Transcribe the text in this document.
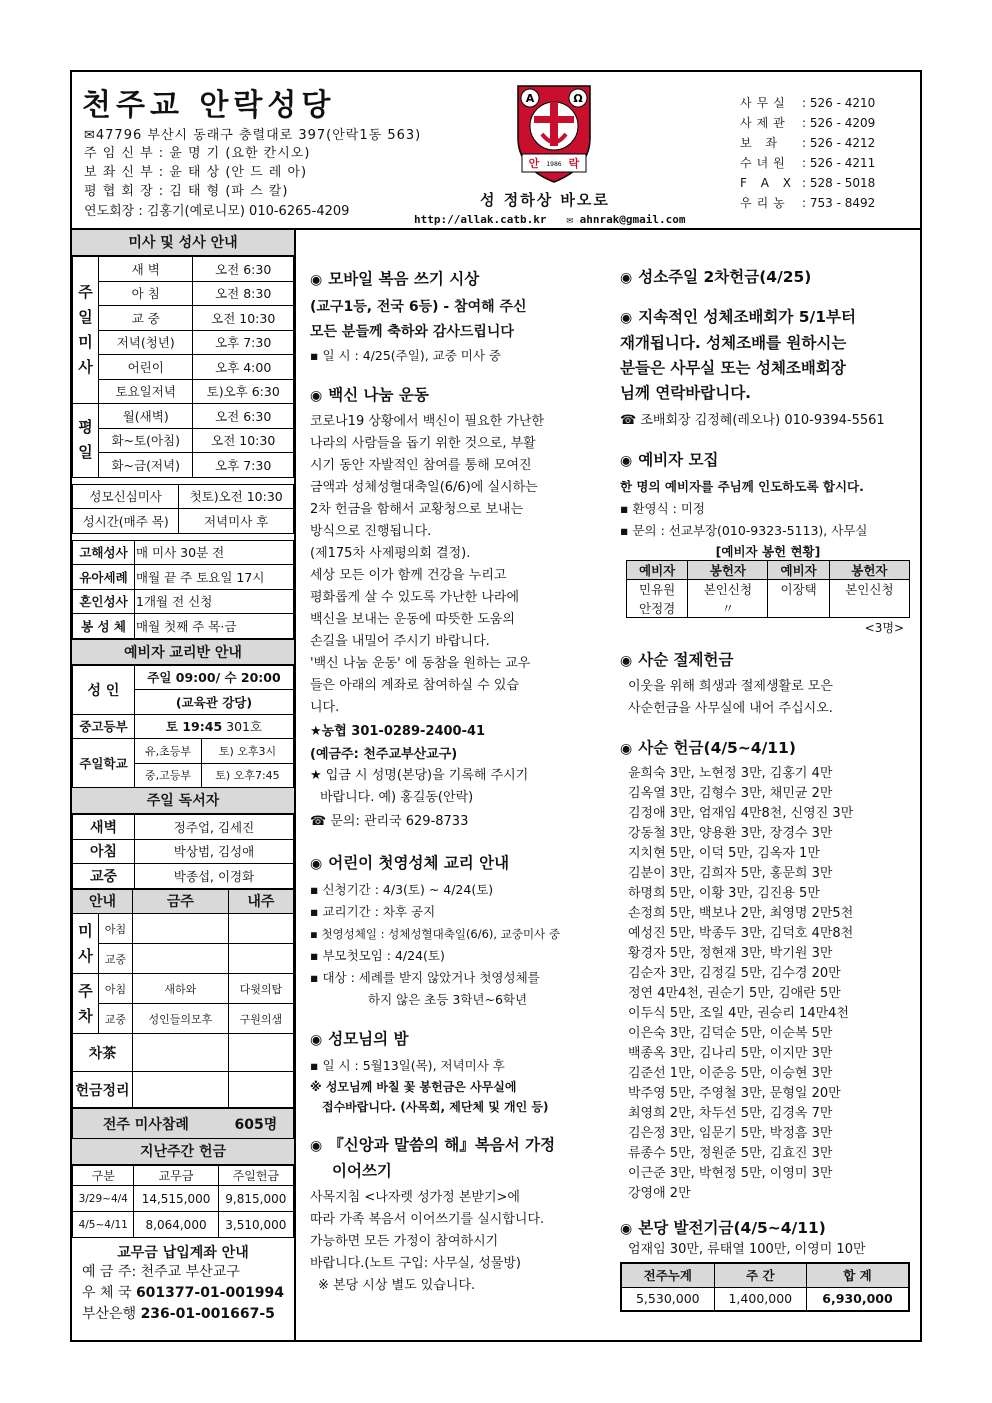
천주교 안락성당
✉47796 부산시 동래구 충렬대로 397(안락1동 563)
주 임 신 부 : 윤 명 기 (요한 칸시오)
보 좌 신 부 : 윤 태 상 (안 드 레 아)
평 협 회 장 : 김 태 형 (파 스 칼)
연도회장 : 김홍기(예로니모) 010-6265-4209
A	Ω
안 1986 락
성 정하상 바오로
http://allak.catb.kr ✉ ahnrak@gmail.com
사무실	: 526 - 4210
사제관	: 526 - 4209
보 좌	: 526 - 4212
수녀원	: 526 - 4211
F A X : 528 - 5018
우리농	: 753 - 8492
미사 및 성사 안내
주
일
미
사	새 벽	오전 6:30
	아 침	오전 8:30
	교 중	오전 10:30
	저녁(청년)	오후 7:30
	어린이	오후 4:00
	토요일저녁	토)오후 6:30
평
일	월(새벽)	오전 6:30
	화~토(아침)	오전 10:30
	화~금(저녁)	오후 7:30
성모신심미사	첫토)오전 10:30
성시간(매주 목)	저녁미사 후
고해성사	매 미사 30분 전
유아세례	매월 끝 주 토요일 17시
혼인성사	1개월 전 신청
봉 성 체	매월 첫째 주 목·금
예비자 교리반 안내
성 인	주일 09:00/ 수 20:00	
	(교육관 강당)	
중고등부	토 19:45 301호	
주일학교	유,초등부	토) 오후3시
	중,고등부	토) 오후7:45
주일 독서자
새벽	정주업, 김세진
아침	박상범, 김성애
교중	박종섭, 이경화
안내		금주	내주
미
사	아침		
	교중		
주
차	아침	새하와	다윗의탑
	교중	성인들의모후	구원의샘
차茶			
헌금정리			
전주 미사참례	605명
지난주간 헌금
구분	교무금	주일헌금
3/29~4/4	14,515,000	9,815,000
4/5~4/11	8,064,000	3,510,000
교무금 납입계좌 안내
예 금 주: 천주교 부산교구
우 체 국 601377-01-001994
부산은행 236-01-001667-5
◉ 모바일 복음 쓰기 시상
(교구1등, 전국 6등) - 참여해 주신
모든 분들께 축하와 감사드립니다
▪ 일 시 : 4/25(주일), 교중 미사 중
◉ 백신 나눔 운동
코로나19 상황에서 백신이 필요한 가난한
나라의 사람들을 돕기 위한 것으로, 부활
시기 동안 자발적인 참여를 통해 모여진
금액과 성체성혈대축일(6/6)에 실시하는
2차 헌금을 함해서 교황청으로 보내는
방식으로 진행됩니다.
(제175차 사제평의회 결정).
세상 모든 이가 함께 건강을 누리고
평화롭게 살 수 있도록 가난한 나라에
백신을 보내는 운동에 따뜻한 도움의
손길을 내밀어 주시기 바랍니다.
'백신 나눔 운동' 에 동참을 원하는 교우
들은 아래의 계좌로 참여하실 수 있습
니다.
★농협 301-0289-2400-41
(예금주: 천주교부산교구)
★ 입금 시 성명(본당)을 기록해 주시기
바랍니다. 예) 홍길동(안락)
☎ 문의: 관리국 629-8733
◉ 어린이 첫영성체 교리 안내
▪ 신청기간 : 4/3(토) ~ 4/24(토)
▪ 교리기간 : 차후 공지
▪ 첫영성체일 : 성체성혈대축일(6/6), 교중미사 중
▪ 부모첫모임 : 4/24(토)
▪ 대상 : 세례를 받지 않았거나 첫영성체를
하지 않은 초등 3학년~6학년
◉ 성모님의 밤
▪ 일 시 : 5월13일(목), 저녁미사 후
※ 성모님께 바칠 꽃 봉헌금은 사무실에
접수바랍니다. (사목회, 제단체 및 개인 등)
◉ 『신앙과 말씀의 해』복음서 가정
이어쓰기
사목지침 <나자렛 성가정 본받기>에
따라 가족 복음서 이어쓰기를 실시합니다.
가능하면 모든 가정이 참여하시기
바랍니다.(노트 구입: 사무실, 성물방)
※ 본당 시상 별도 있습니다.
◉ 성소주일 2차헌금(4/25)
◉ 지속적인 성체조배회가 5/1부터
재개됩니다. 성체조배를 원하시는
분들은 사무실 또는 성체조배회장
님께 연락바랍니다.
☎ 조배회장 김정혜(레오나) 010-9394-5561
◉ 예비자 모집
한 명의 예비자를 주님께 인도하도록 합시다.
▪ 환영식 : 미정
▪ 문의 : 선교부장(010-9323-5113), 사무실
[예비자 봉헌 현황]
예비자	봉헌자	예비자	봉헌자
민유원	본인신청	이장택	본인신청
안정경	〃		
<3명>
◉ 사순 절제헌금
이웃을 위해 희생과 절제생활로 모은
사순헌금을 사무실에 내어 주십시오.
◉ 사순 헌금(4/5~4/11)
윤희숙 3만, 노현정 3만, 김홍기 4만
김옥열 3만, 김형수 3만, 채민균 2만
김정애 3만, 엄재임 4만8천, 신영진 3만
강동철 3만, 양용환 3만, 장경수 3만
지치현 5만, 이덕 5만, 김옥자 1만
김분이 3만, 김희자 5만, 홍문희 3만
하명희 5만, 이황 3만, 김진용 5만
손정희 5만, 백보나 2만, 최영명 2만5천
예성진 5만, 박종두 3만, 김덕호 4만8천
황경자 5만, 정현재 3만, 박기원 3만
김순자 3만, 김정길 5만, 김수경 20만
정연 4만4천, 권순기 5만, 김애란 5만
이두식 5만, 조일 4만, 권승리 14만4천
이은숙 3만, 김덕순 5만, 이순복 5만
백종옥 3만, 김나리 5만, 이지만 3만
김준선 1만, 이준응 5만, 이승현 3만
박주영 5만, 주영철 3만, 문형일 20만
최영희 2만, 차두선 5만, 김경옥 7만
김은정 3만, 임문기 5만, 박정흠 3만
류종수 5만, 정원준 5만, 김효진 3만
이근준 3만, 박현정 5만, 이영미 3만
강영애 2만
◉ 본당 발전기금(4/5~4/11)
엄재임 30만, 류태열 100만, 이영미 10만
전주누계	주 간	합 계
5,530,000	1,400,000	6,930,000
